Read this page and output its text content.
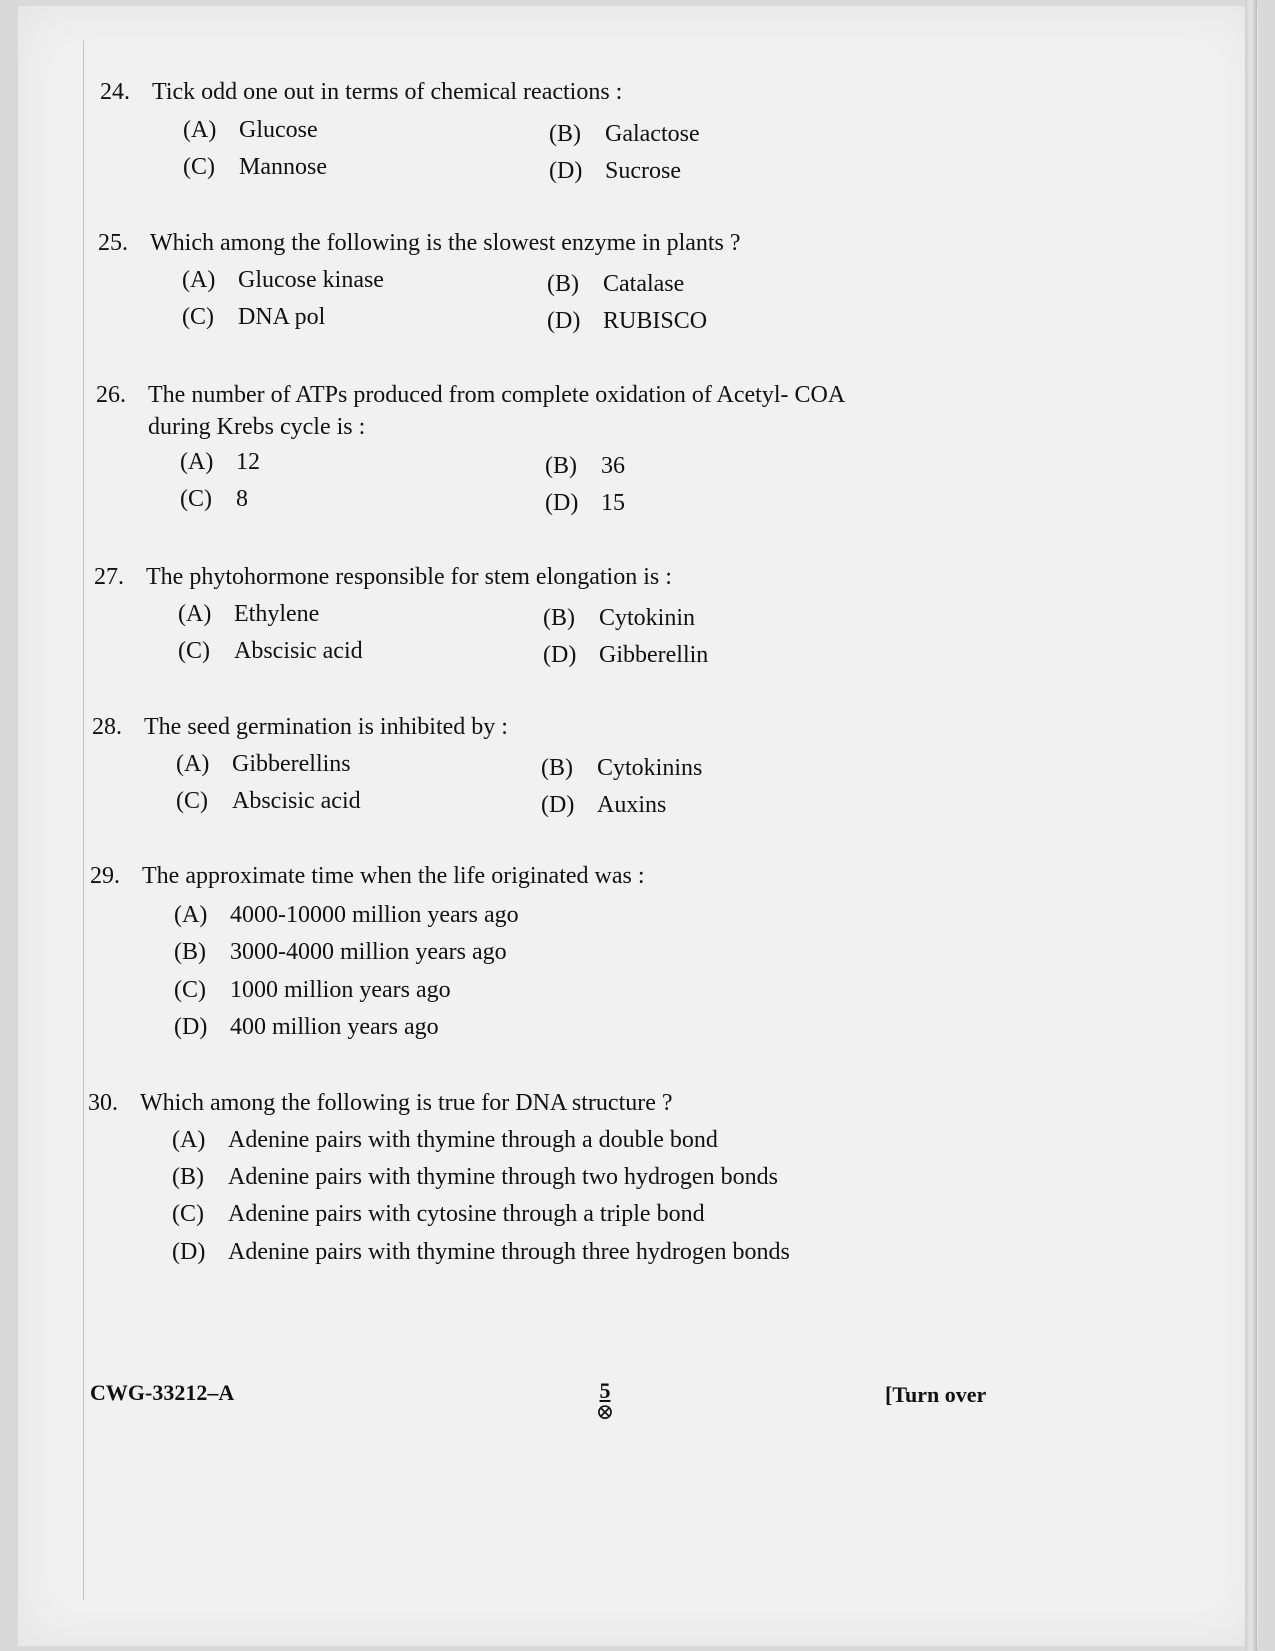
24. Tick odd one out in terms of chemical reactions :
(A) Glucose	(B) Galactose
(C) Mannose	(D) Sucrose
25. Which among the following is the slowest enzyme in plants ?
(A) Glucose kinase	(B) Catalase
(C) DNA pol	(D) RUBISCO
26. The number of ATPs produced from complete oxidation of Acetyl- COA during Krebs cycle is :
(A) 12	(B) 36
(C) 8	(D) 15
27. The phytohormone responsible for stem elongation is :
(A) Ethylene	(B) Cytokinin
(C) Abscisic acid	(D) Gibberellin
28. The seed germination is inhibited by :
(A) Gibberellins	(B) Cytokinins
(C) Abscisic acid	(D) Auxins
29. The approximate time when the life originated was :
(A) 4000-10000 million years ago
(B) 3000-4000 million years ago
(C) 1000 million years ago
(D) 400 million years ago
30. Which among the following is true for DNA structure ?
(A) Adenine pairs with thymine through a double bond
(B) Adenine pairs with thymine through two hydrogen bonds
(C) Adenine pairs with cytosine through a triple bond
(D) Adenine pairs with thymine through three hydrogen bonds
CWG-33212–A	5
⊗
[Turn over
